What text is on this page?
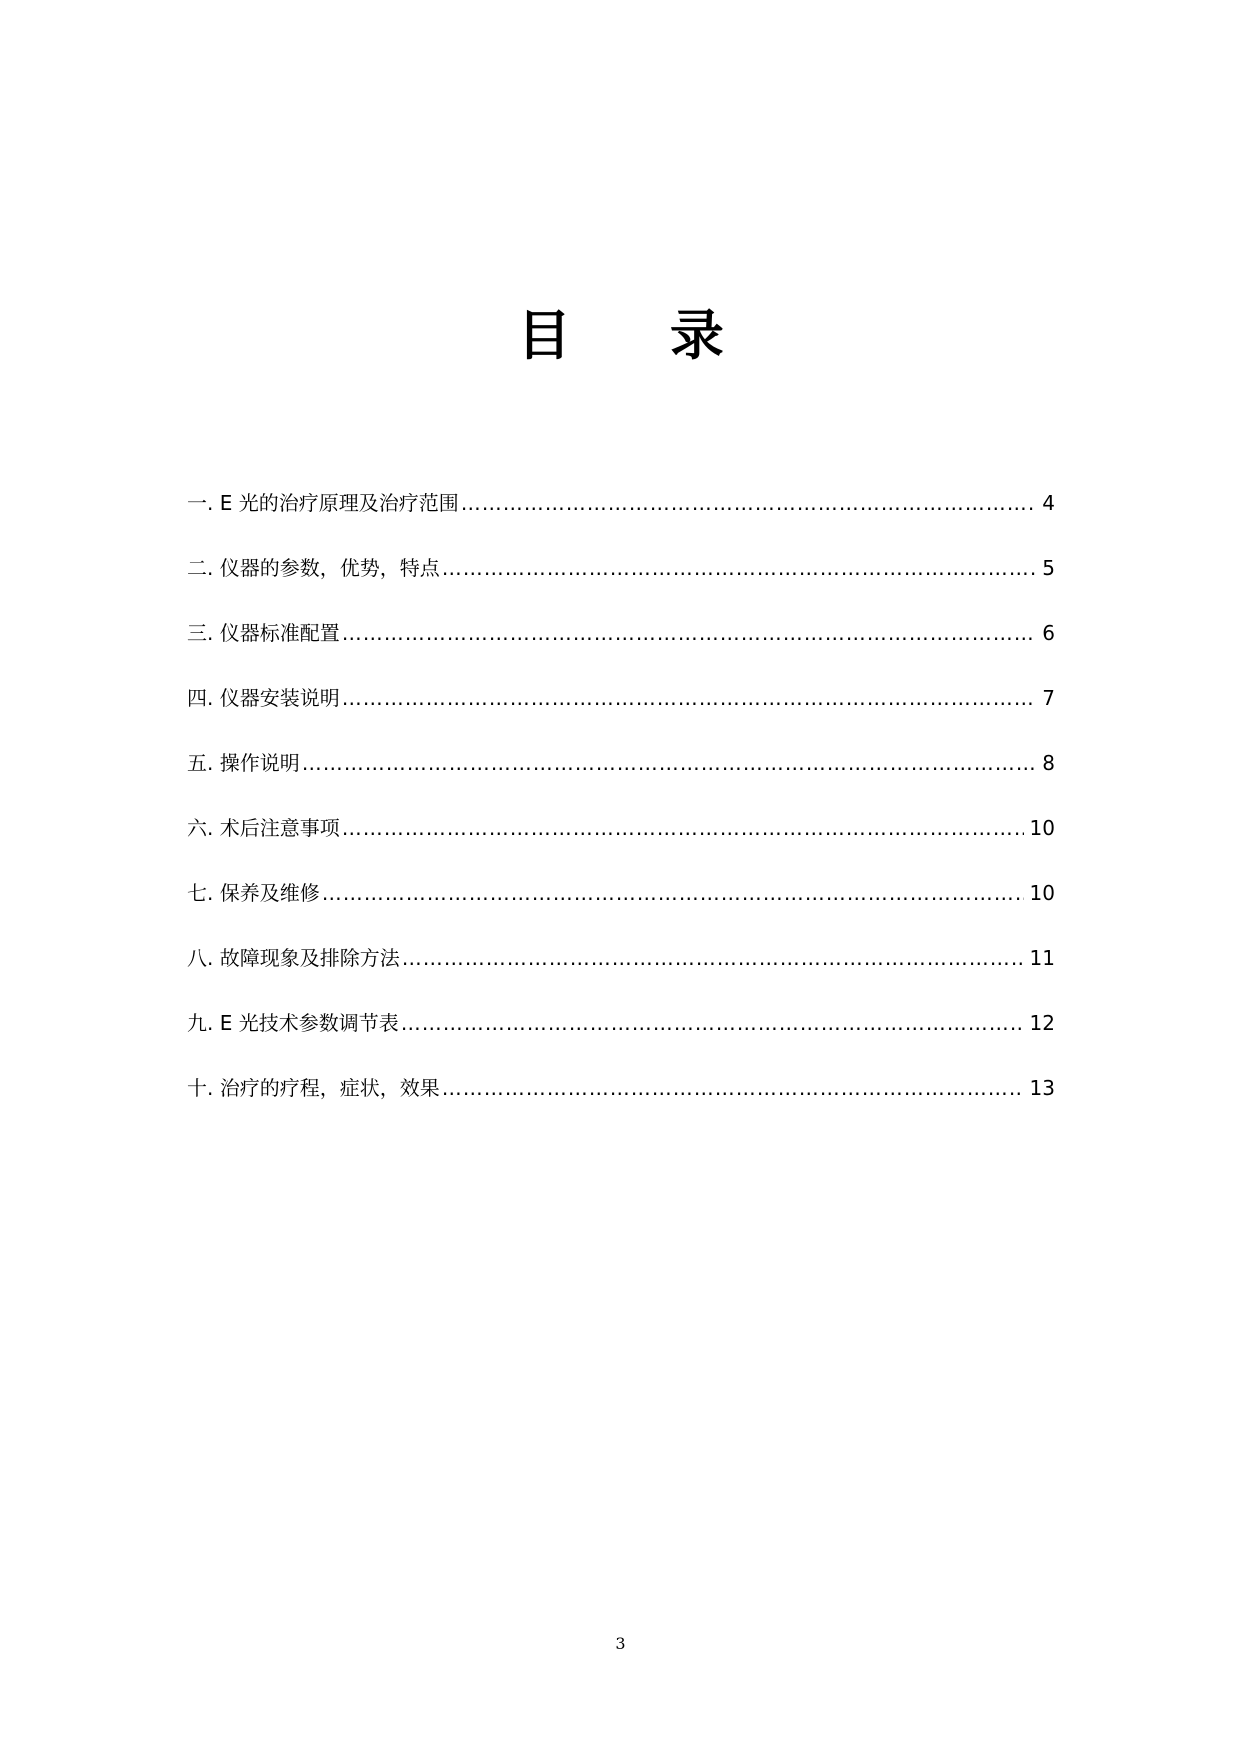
目 录
一. E 光的治疗原理及治疗范围 …………………………………………………………………………………………………………………………………………………………………………………………………………………	4
二. 仪器的参数，优势，特点 …………………………………………………………………………………………………………………………………………………………………………………………………………………	5
三. 仪器标准配置 …………………………………………………………………………………………………………………………………………………………………………………………………………………	6
四. 仪器安装说明 …………………………………………………………………………………………………………………………………………………………………………………………………………………	7
五. 操作说明 …………………………………………………………………………………………………………………………………………………………………………………………………………………	8
六. 术后注意事项 …………………………………………………………………………………………………………………………………………………………………………………………………………………	10
七. 保养及维修 …………………………………………………………………………………………………………………………………………………………………………………………………………………	10
八. 故障现象及排除方法 …………………………………………………………………………………………………………………………………………………………………………………………………………………	11
九. E 光技术参数调节表 …………………………………………………………………………………………………………………………………………………………………………………………………………………	12
十. 治疗的疗程，症状，效果 …………………………………………………………………………………………………………………………………………………………………………………………………………………	13

3
